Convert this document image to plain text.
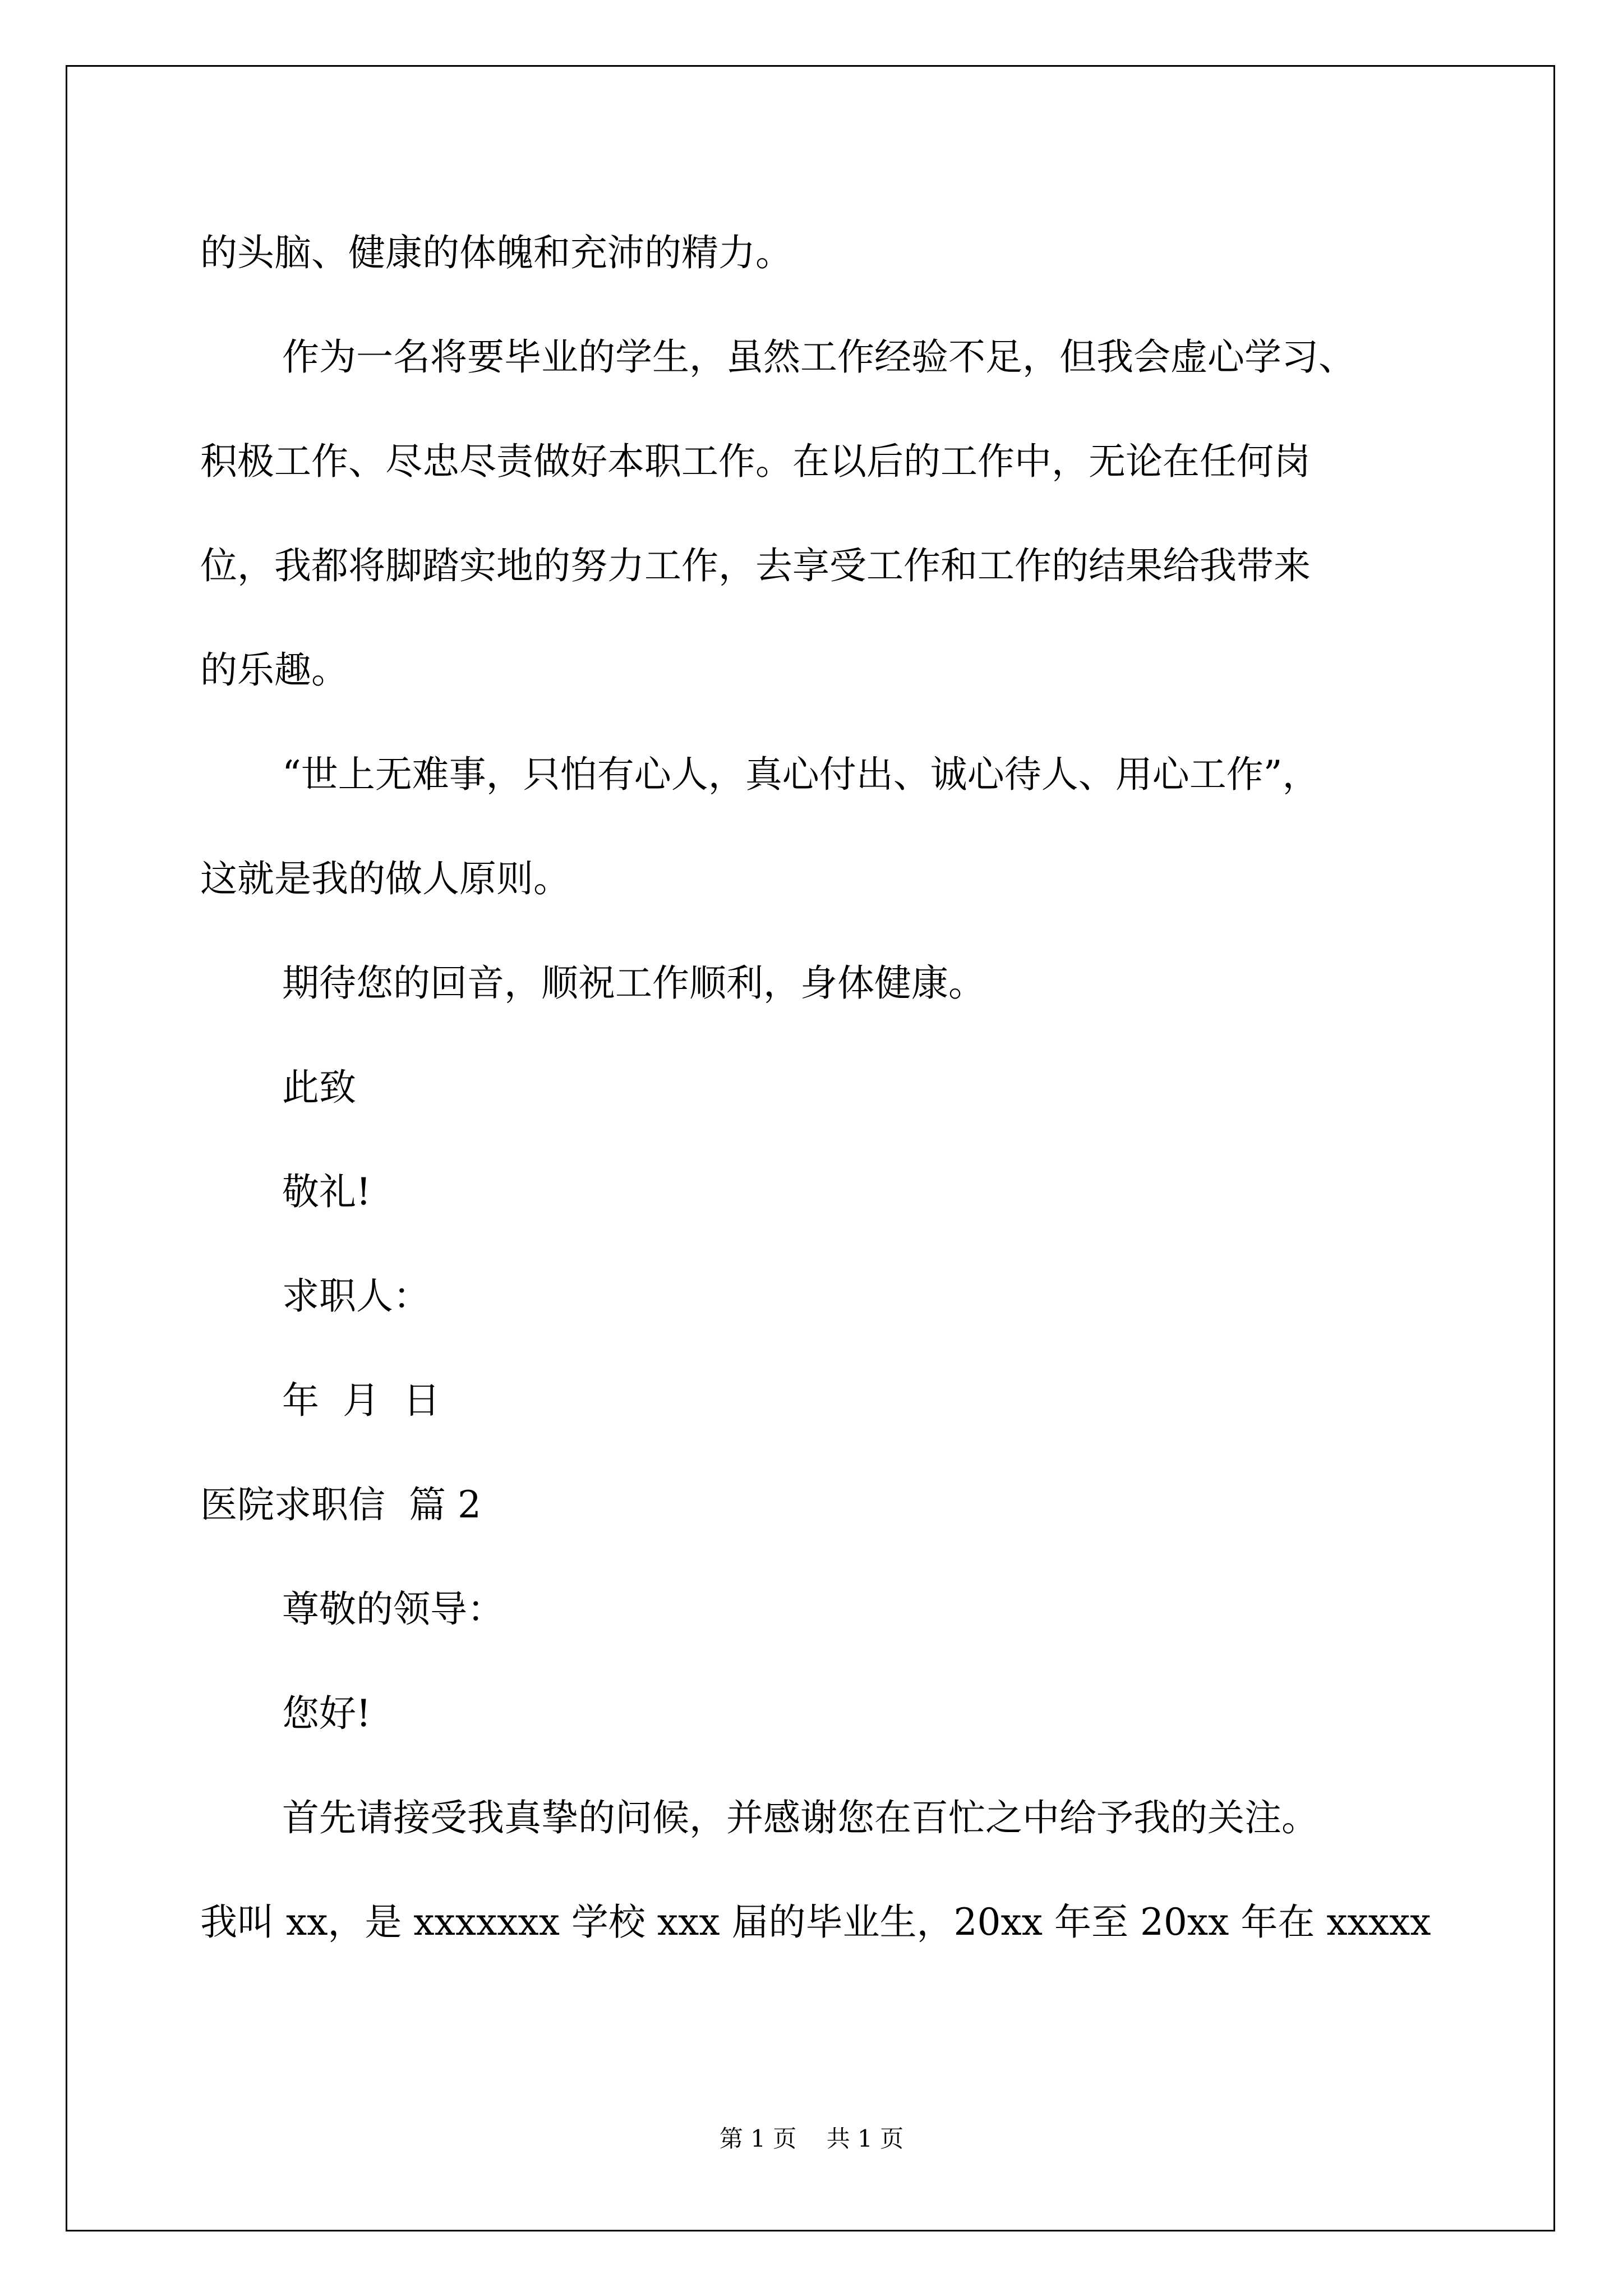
的头脑、健康的体魄和充沛的精力。

作为一名将要毕业的学生，虽然工作经验不足，但我会虚心学习、

积极工作、尽忠尽责做好本职工作。在以后的工作中，无论在任何岗

位，我都将脚踏实地的努力工作，去享受工作和工作的结果给我带来

的乐趣。

“世上无难事，只怕有心人，真心付出、诚心待人、用心工作”，

这就是我的做人原则。

期待您的回音，顺祝工作顺利，身体健康。

此致

敬礼!

求职人：

年  月  日

医院求职信  篇 2

尊敬的领导：

您好!

首先请接受我真挚的问候，并感谢您在百忙之中给予我的关注。

我叫 xx，是 xxxxxxx 学校 xxx 届的毕业生，20xx 年至 20xx 年在 xxxxx

第 1 页    共 1 页
